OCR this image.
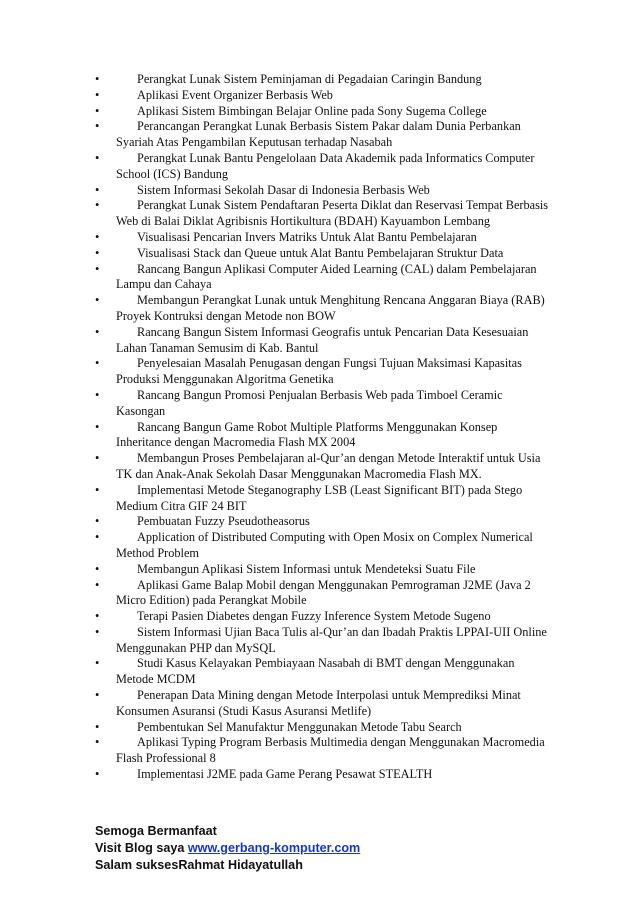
•	Perangkat Lunak Sistem Peminjaman di Pegadaian Caringin Bandung
•	Aplikasi Event Organizer Berbasis Web
•	Aplikasi Sistem Bimbingan Belajar Online pada Sony Sugema College
•	Perancangan Perangkat Lunak Berbasis Sistem Pakar dalam Dunia Perbankan Syariah Atas Pengambilan Keputusan terhadap Nasabah
•	Perangkat Lunak Bantu Pengelolaan Data Akademik pada Informatics Computer School (ICS) Bandung
•	Sistem Informasi Sekolah Dasar di Indonesia Berbasis Web
•	Perangkat Lunak Sistem Pendaftaran Peserta Diklat dan Reservasi Tempat Berbasis Web di Balai Diklat Agribisnis Hortikultura (BDAH) Kayuambon Lembang
•	Visualisasi Pencarian Invers Matriks Untuk Alat Bantu Pembelajaran
•	Visualisasi Stack dan Queue untuk Alat Bantu Pembelajaran Struktur Data
•	Rancang Bangun Aplikasi Computer Aided Learning (CAL) dalam Pembelajaran Lampu dan Cahaya
•	Membangun Perangkat Lunak untuk Menghitung Rencana Anggaran Biaya (RAB) Proyek Kontruksi dengan Metode non BOW
•	Rancang Bangun Sistem Informasi Geografis untuk Pencarian Data Kesesuaian Lahan Tanaman Semusim di Kab. Bantul
•	Penyelesaian Masalah Penugasan dengan Fungsi Tujuan Maksimasi Kapasitas Produksi Menggunakan Algoritma Genetika
•	Rancang Bangun Promosi Penjualan Berbasis Web pada Timboel Ceramic Kasongan
•	Rancang Bangun Game Robot Multiple Platforms Menggunakan Konsep Inheritance dengan Macromedia Flash MX 2004
•	Membangun Proses Pembelajaran al-Qur’an dengan Metode Interaktif untuk Usia TK dan Anak-Anak Sekolah Dasar Menggunakan Macromedia Flash MX.
•	Implementasi Metode Steganography LSB (Least Significant BIT) pada Stego Medium Citra GIF 24 BIT
•	Pembuatan Fuzzy Pseudotheasorus
•	Application of Distributed Computing with Open Mosix on Complex Numerical Method Problem
•	Membangun Aplikasi Sistem Informasi untuk Mendeteksi Suatu File
•	Aplikasi Game Balap Mobil dengan Menggunakan Pemrograman J2ME (Java 2 Micro Edition) pada Perangkat Mobile
•	Terapi Pasien Diabetes dengan Fuzzy Inference System Metode Sugeno
•	Sistem Informasi Ujian Baca Tulis al-Qur’an dan Ibadah Praktis LPPAI-UII Online Menggunakan PHP dan MySQL
•	Studi Kasus Kelayakan Pembiayaan Nasabah di BMT dengan Menggunakan Metode MCDM
•	Penerapan Data Mining dengan Metode Interpolasi untuk Memprediksi Minat Konsumen Asuransi (Studi Kasus Asuransi Metlife)
•	Pembentukan Sel Manufaktur Menggunakan Metode Tabu Search
•	Aplikasi Typing Program Berbasis Multimedia dengan Menggunakan Macromedia Flash Professional 8
•	Implementasi J2ME pada Game Perang Pesawat STEALTH
Semoga Bermanfaat
Visit Blog saya www.gerbang-komputer.com
Salam suksesRahmat Hidayatullah
